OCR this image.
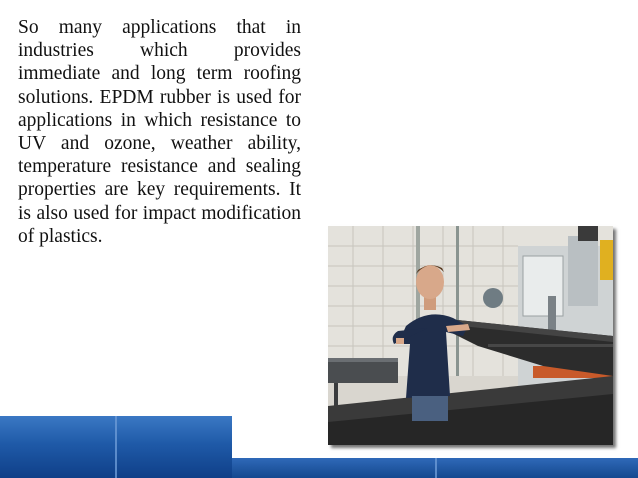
So many applications that in industries which provides immediate and long term roofing solutions. EPDM rubber is used for applications in which resistance to UV and ozone, weather ability, temperature resistance and sealing properties are key requirements. It is also used for impact modification of plastics.
